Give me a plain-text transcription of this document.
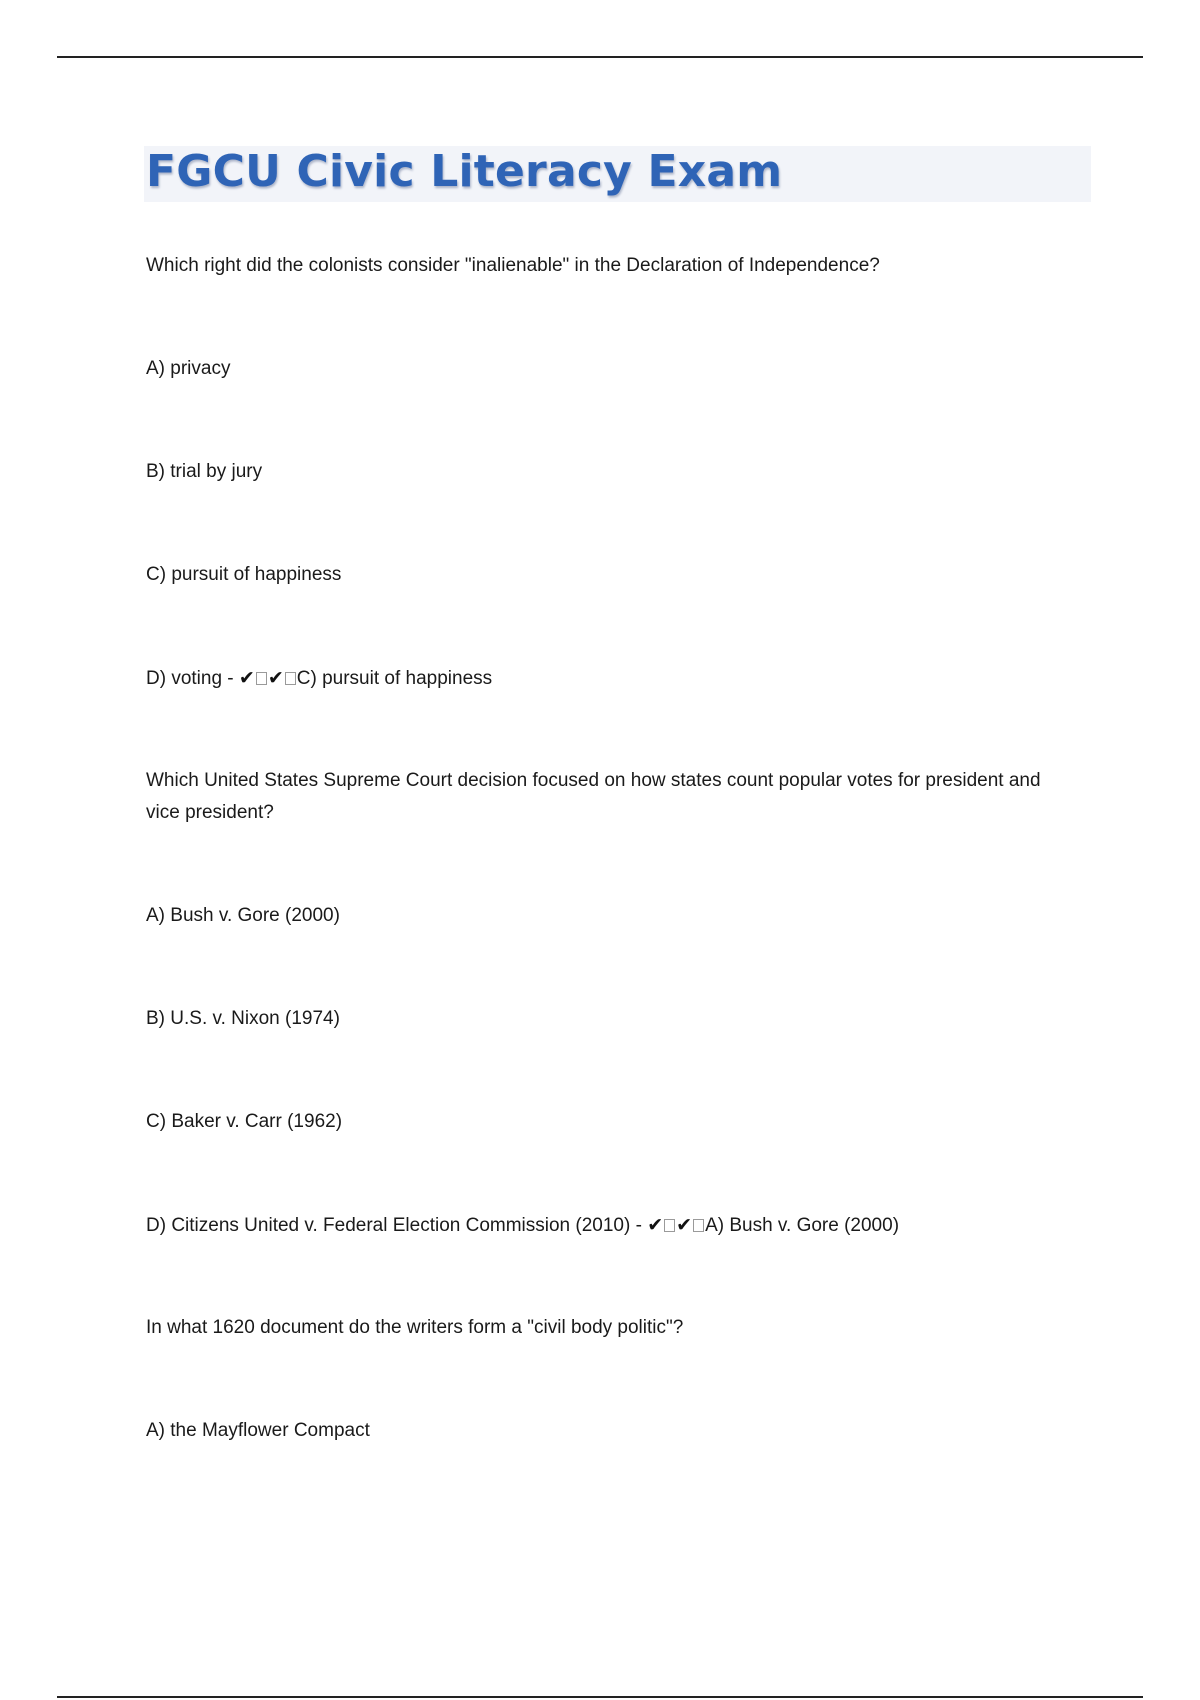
FGCU Civic Literacy Exam

Which right did the colonists consider "inalienable" in the Declaration of Independence?

A) privacy

B) trial by jury

C) pursuit of happiness

D) voting - ✔ ✔ C) pursuit of happiness

Which United States Supreme Court decision focused on how states count popular votes for president and vice president?

A) Bush v. Gore (2000)

B) U.S. v. Nixon (1974)

C) Baker v. Carr (1962)

D) Citizens United v. Federal Election Commission (2010) - ✔ ✔ A) Bush v. Gore (2000)

In what 1620 document do the writers form a "civil body politic"?

A) the Mayflower Compact
